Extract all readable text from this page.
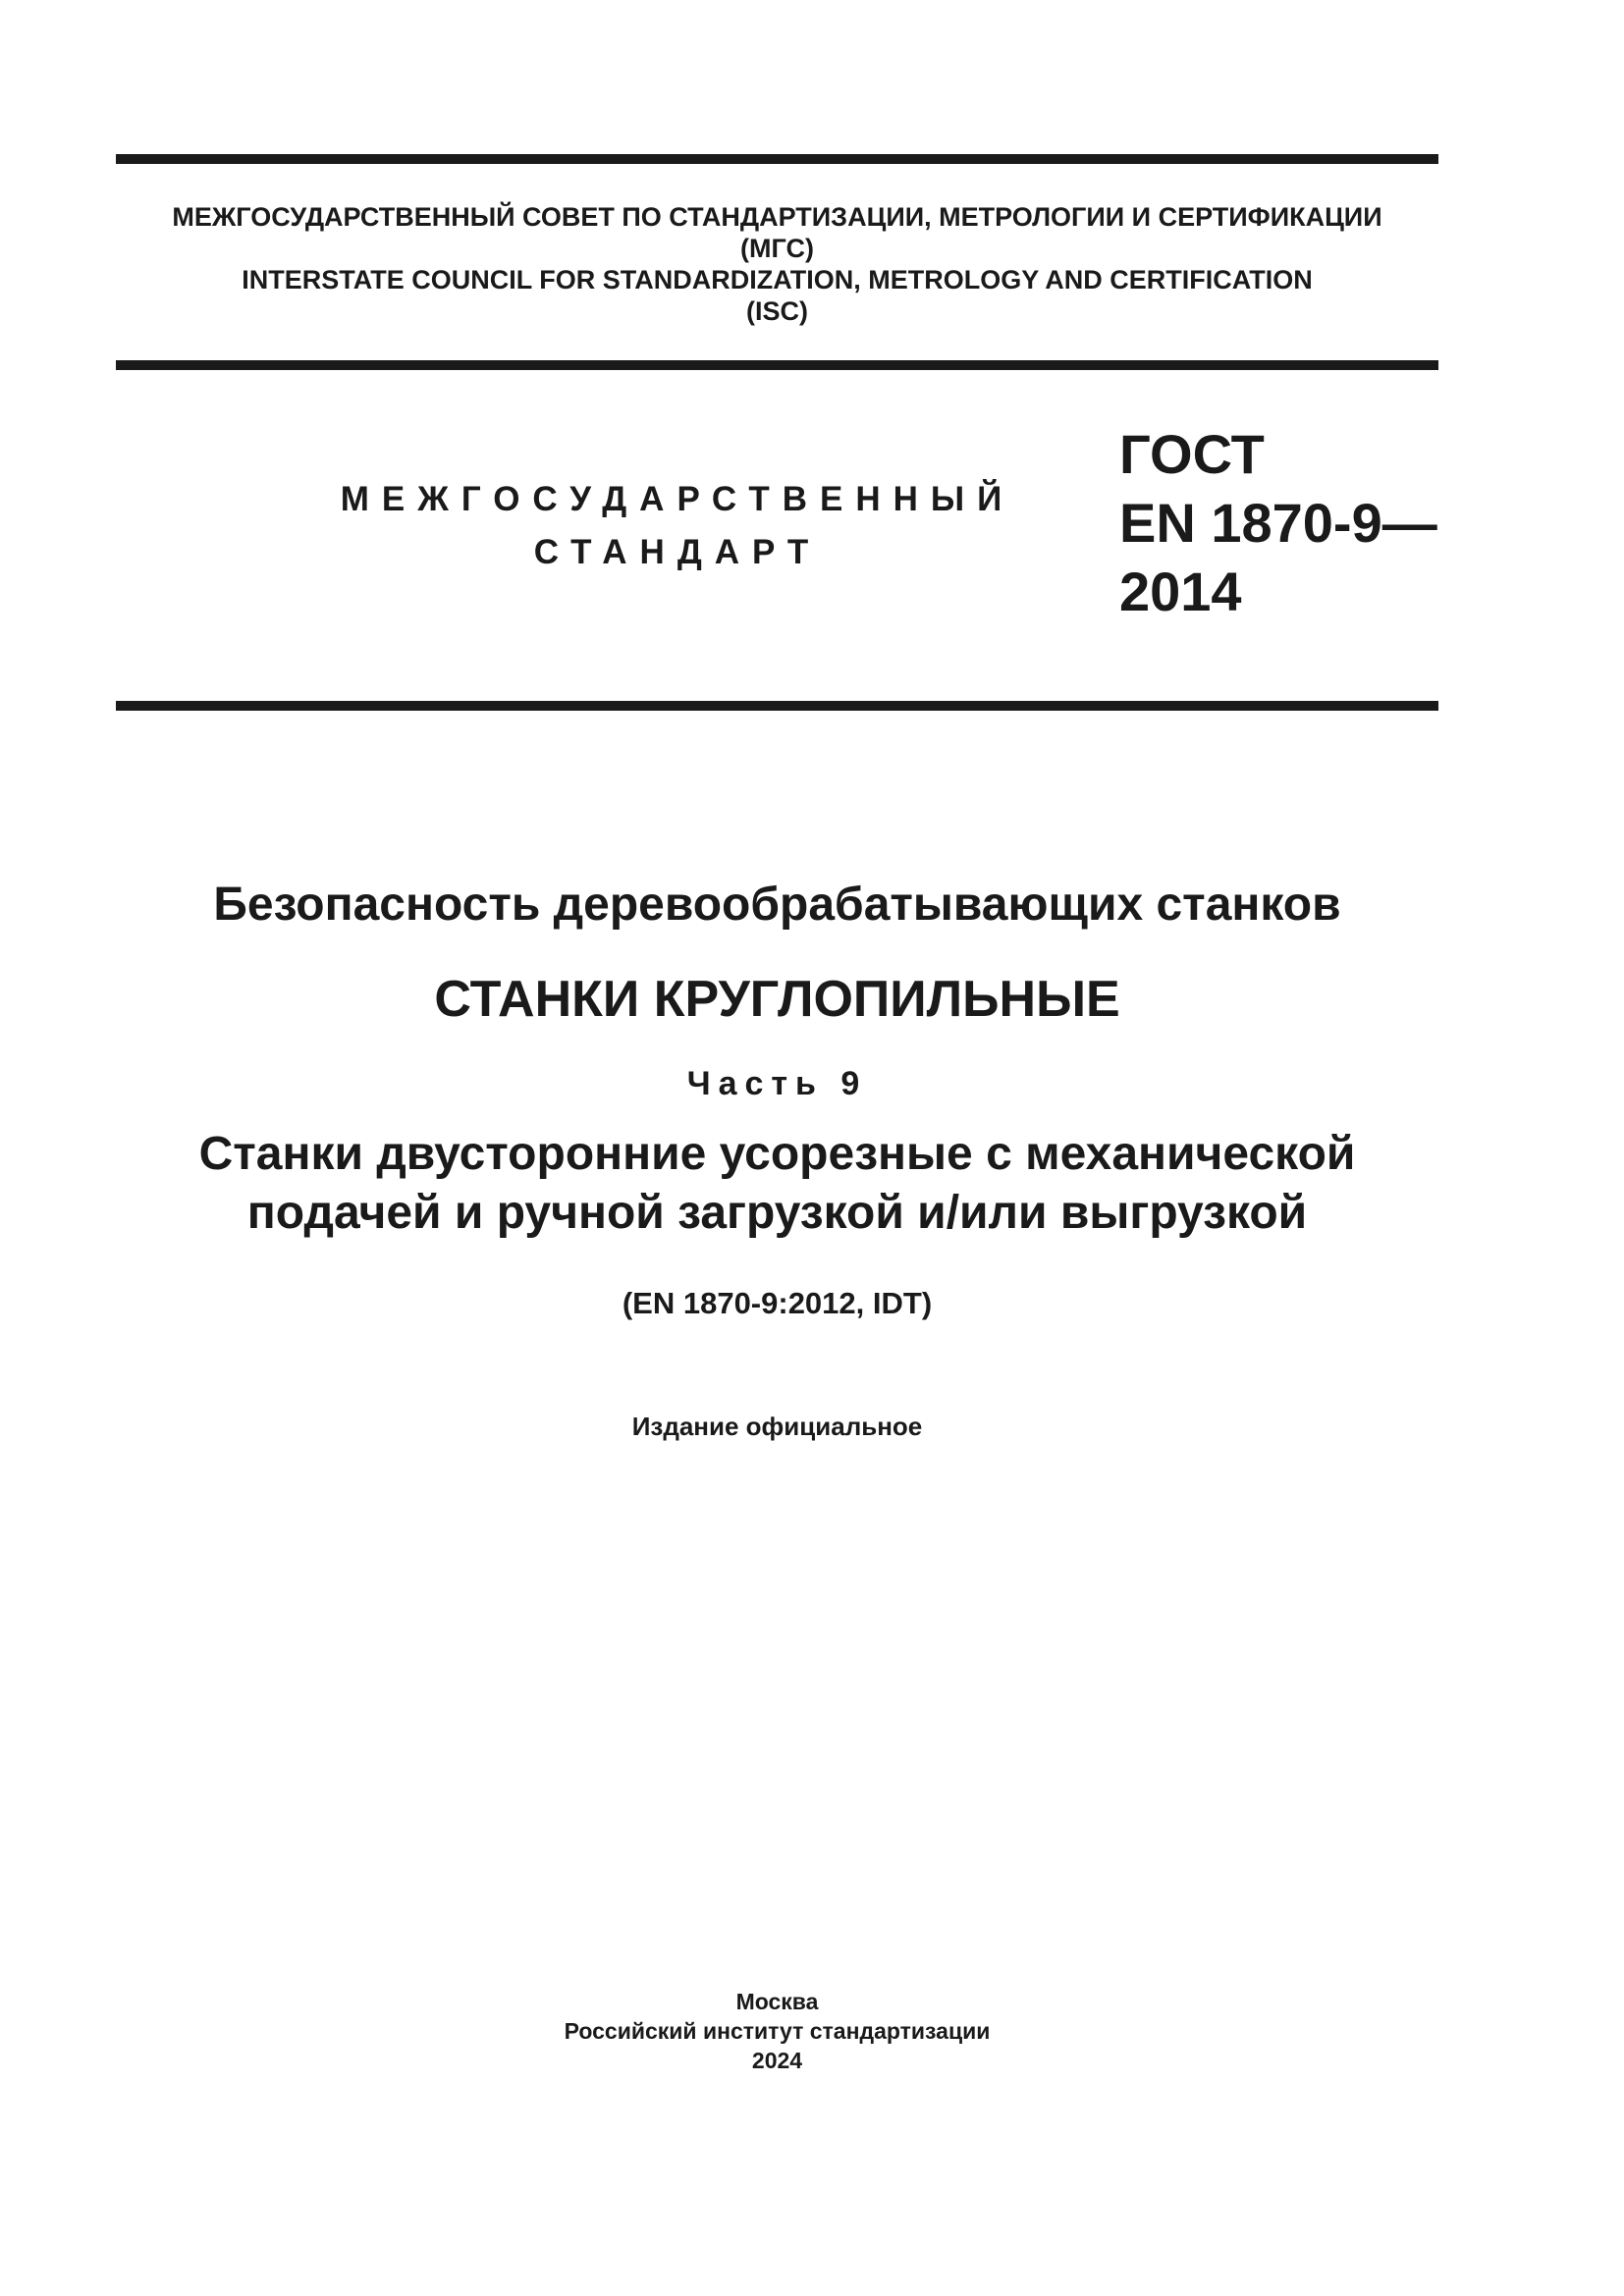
МЕЖГОСУДАРСТВЕННЫЙ СОВЕТ ПО СТАНДАРТИЗАЦИИ, МЕТРОЛОГИИ И СЕРТИФИКАЦИИ
(МГС)
INTERSTATE COUNCIL FOR STANDARDIZATION, METROLOGY AND CERTIFICATION
(ISC)
МЕЖГОСУДАРСТВЕННЫЙ
СТАНДАРТ
ГОСТ
EN 1870-9—
2014
Безопасность деревообрабатывающих станков
СТАНКИ КРУГЛОПИЛЬНЫЕ
Часть 9
Станки двусторонние усорезные с механической
подачей и ручной загрузкой и/или выгрузкой
(EN 1870-9:2012, IDT)
Издание официальное
Москва
Российский институт стандартизации
2024
